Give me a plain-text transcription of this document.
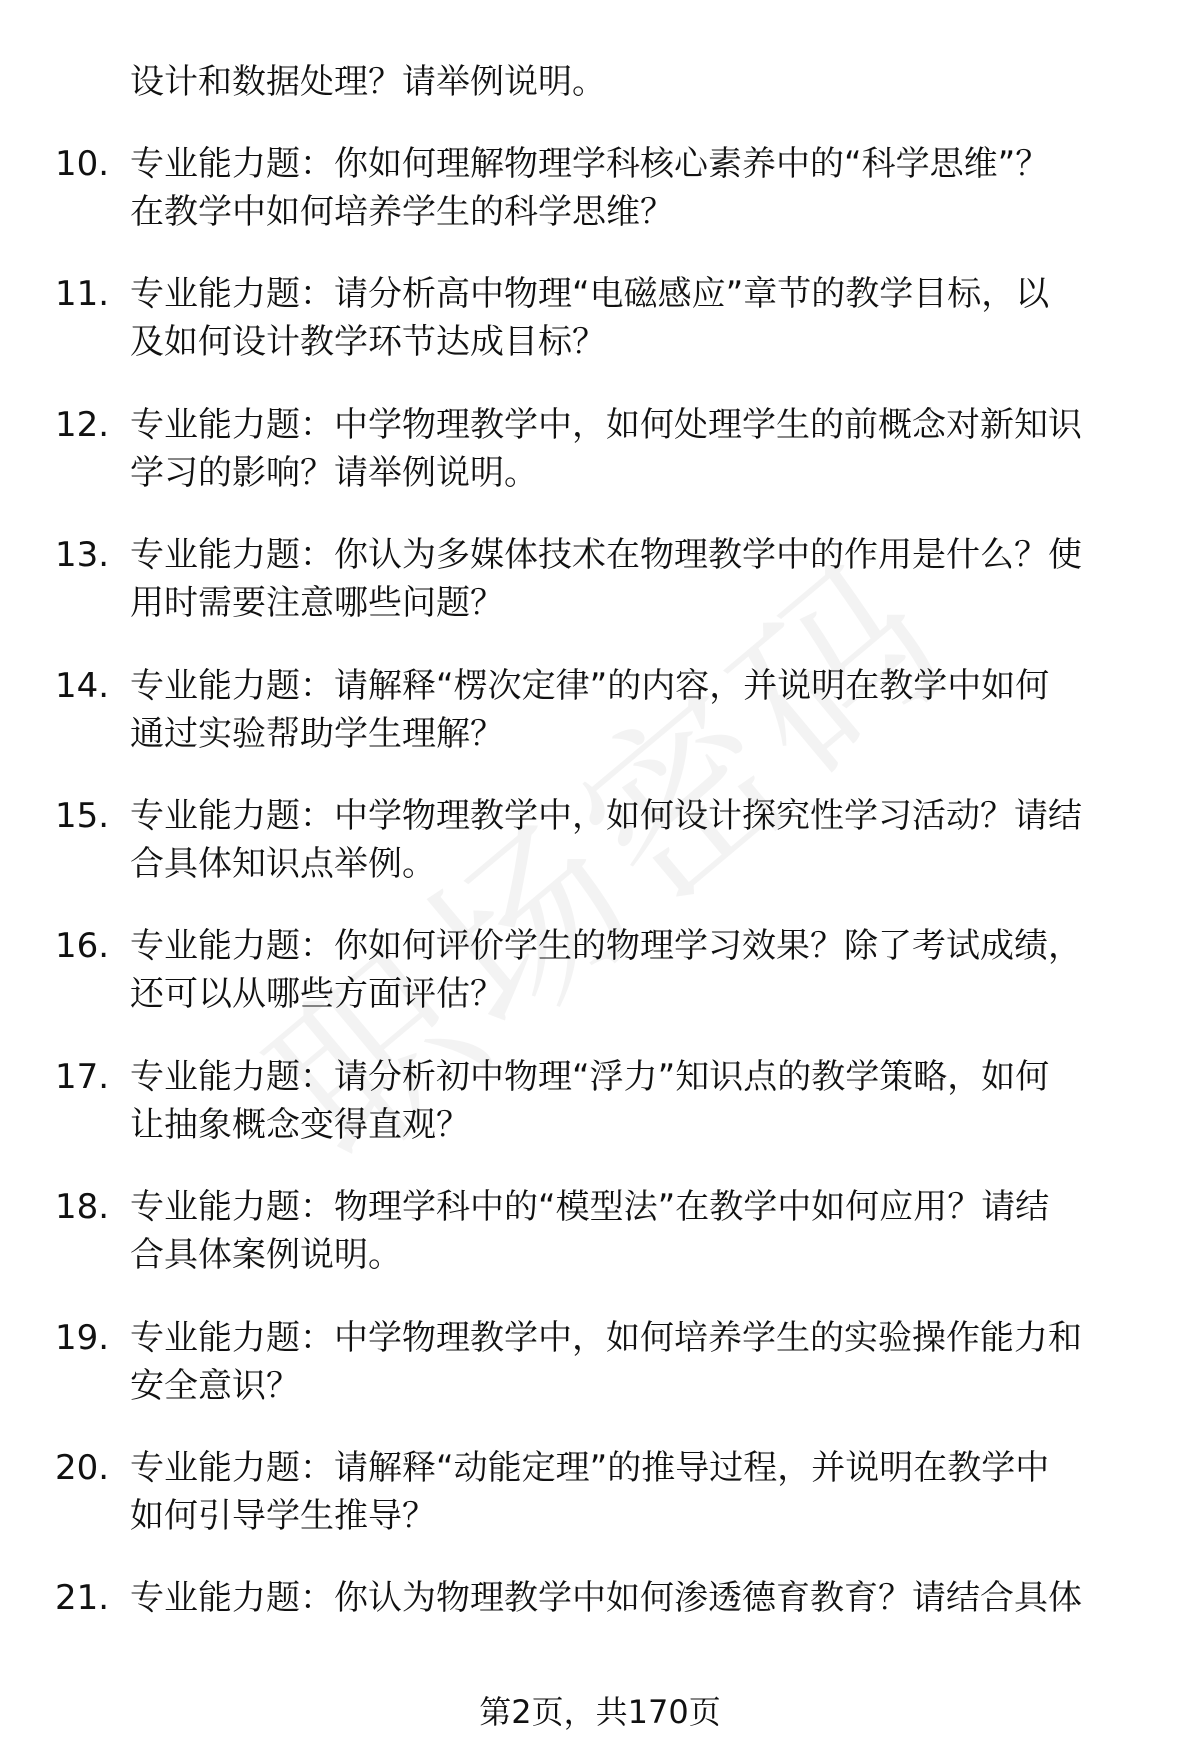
设计和数据处理？请举例说明。
10. 专业能力题：你如何理解物理学科核心素养中的“科学思维”？
在教学中如何培养学生的科学思维？
11. 专业能力题：请分析高中物理“电磁感应”章节的教学目标，以
及如何设计教学环节达成目标？
12. 专业能力题：中学物理教学中，如何处理学生的前概念对新知识
学习的影响？请举例说明。
13. 专业能力题：你认为多媒体技术在物理教学中的作用是什么？使
用时需要注意哪些问题？
14. 专业能力题：请解释“楞次定律”的内容，并说明在教学中如何
通过实验帮助学生理解？
15. 专业能力题：中学物理教学中，如何设计探究性学习活动？请结
合具体知识点举例。
16. 专业能力题：你如何评价学生的物理学习效果？除了考试成绩，
还可以从哪些方面评估？
17. 专业能力题：请分析初中物理“浮力”知识点的教学策略，如何
让抽象概念变得直观？
18. 专业能力题：物理学科中的“模型法”在教学中如何应用？请结
合具体案例说明。
19. 专业能力题：中学物理教学中，如何培养学生的实验操作能力和
安全意识？
20. 专业能力题：请解释“动能定理”的推导过程，并说明在教学中
如何引导学生推导？
21. 专业能力题：你认为物理教学中如何渗透德育教育？请结合具体
第2页，共170页
